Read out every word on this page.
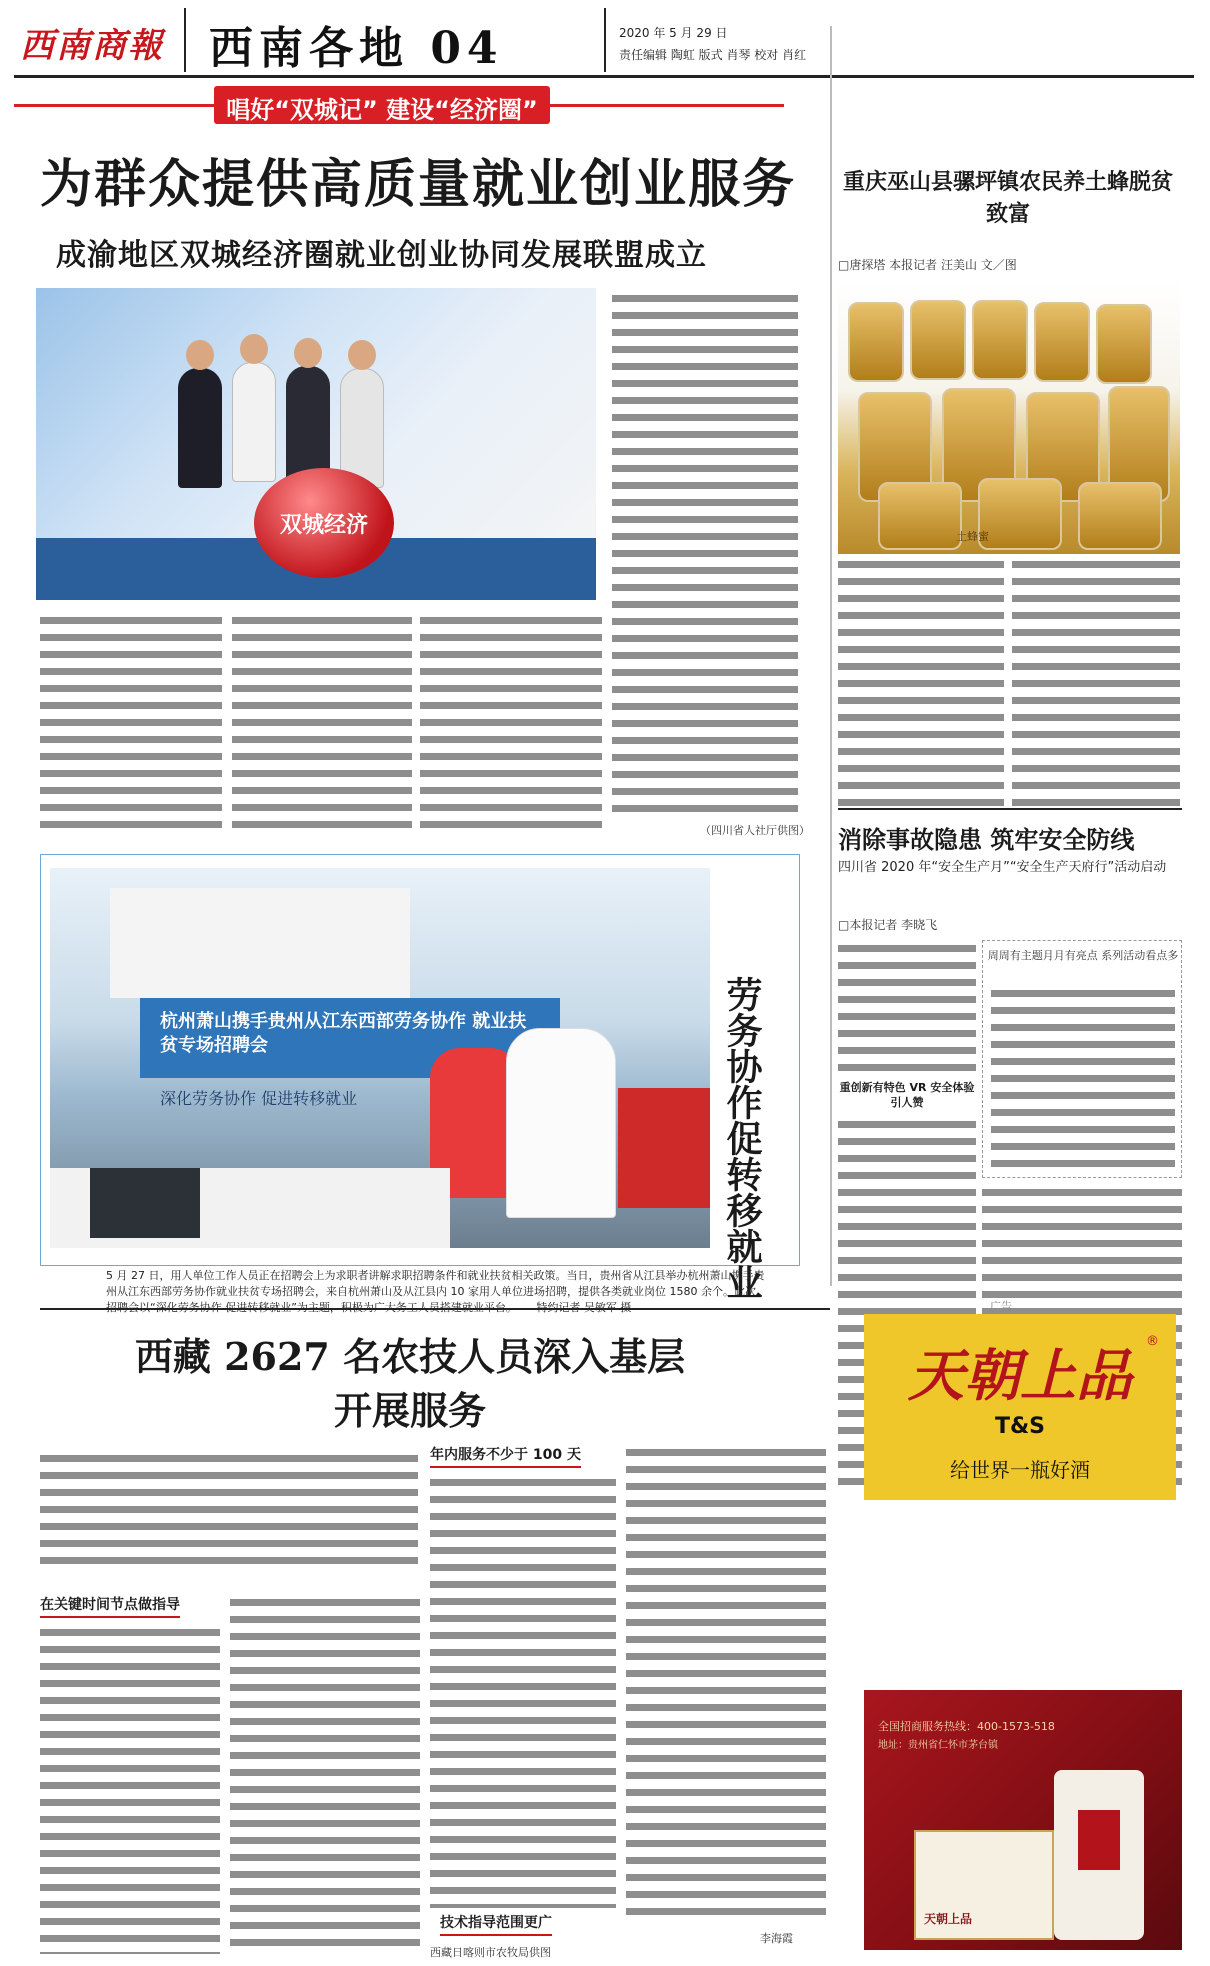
西南商報 西南各地 04	2020 年 5 月 29 日
责任编辑 陶虹 版式 肖琴 校对 肖红
唱好“双城记” 建设“经济圈”
为群众提供高质量就业创业服务
成渝地区双城经济圈就业创业协同发展联盟成立
双城经济
（四川省人社厅供图）
重庆巫山县骡坪镇农民养土蜂脱贫致富
□唐探塔 本报记者 汪美山 文／图
土蜂蜜
消除事故隐患 筑牢安全防线
四川省 2020 年“安全生产月”“安全生产天府行”活动启动
□本报记者 李晓飞
重创新有特色 VR 安全体验引人赞
周周有主题月月有亮点 系列活动看点多
杭州萧山携手贵州从江东西部劳务协作 就业扶贫专场招聘会
深化劳务协作 促进转移就业	劳务协作促转移就业
5 月 27 日，用人单位工作人员正在招聘会上为求职者讲解求职招聘条件和就业扶贫相关政策。当日，贵州省从江县举办杭州萧山携手贵州从江东西部劳务协作就业扶贫专场招聘会，来自杭州萧山及从江县内 10 家用人单位进场招聘，提供各类就业岗位 1580 余个。此次
西藏 2627 名农技人员深入基层开展服务
在关键时间节点做指导
年内服务不少于 100 天
技术指导范围更广
西藏日喀则市农牧局供图
李海霞
广告
天朝上品
®
T&S
给世界一瓶好酒
全国招商服务热线：400-1573-518
地址：贵州省仁怀市茅台镇
天朝上品
